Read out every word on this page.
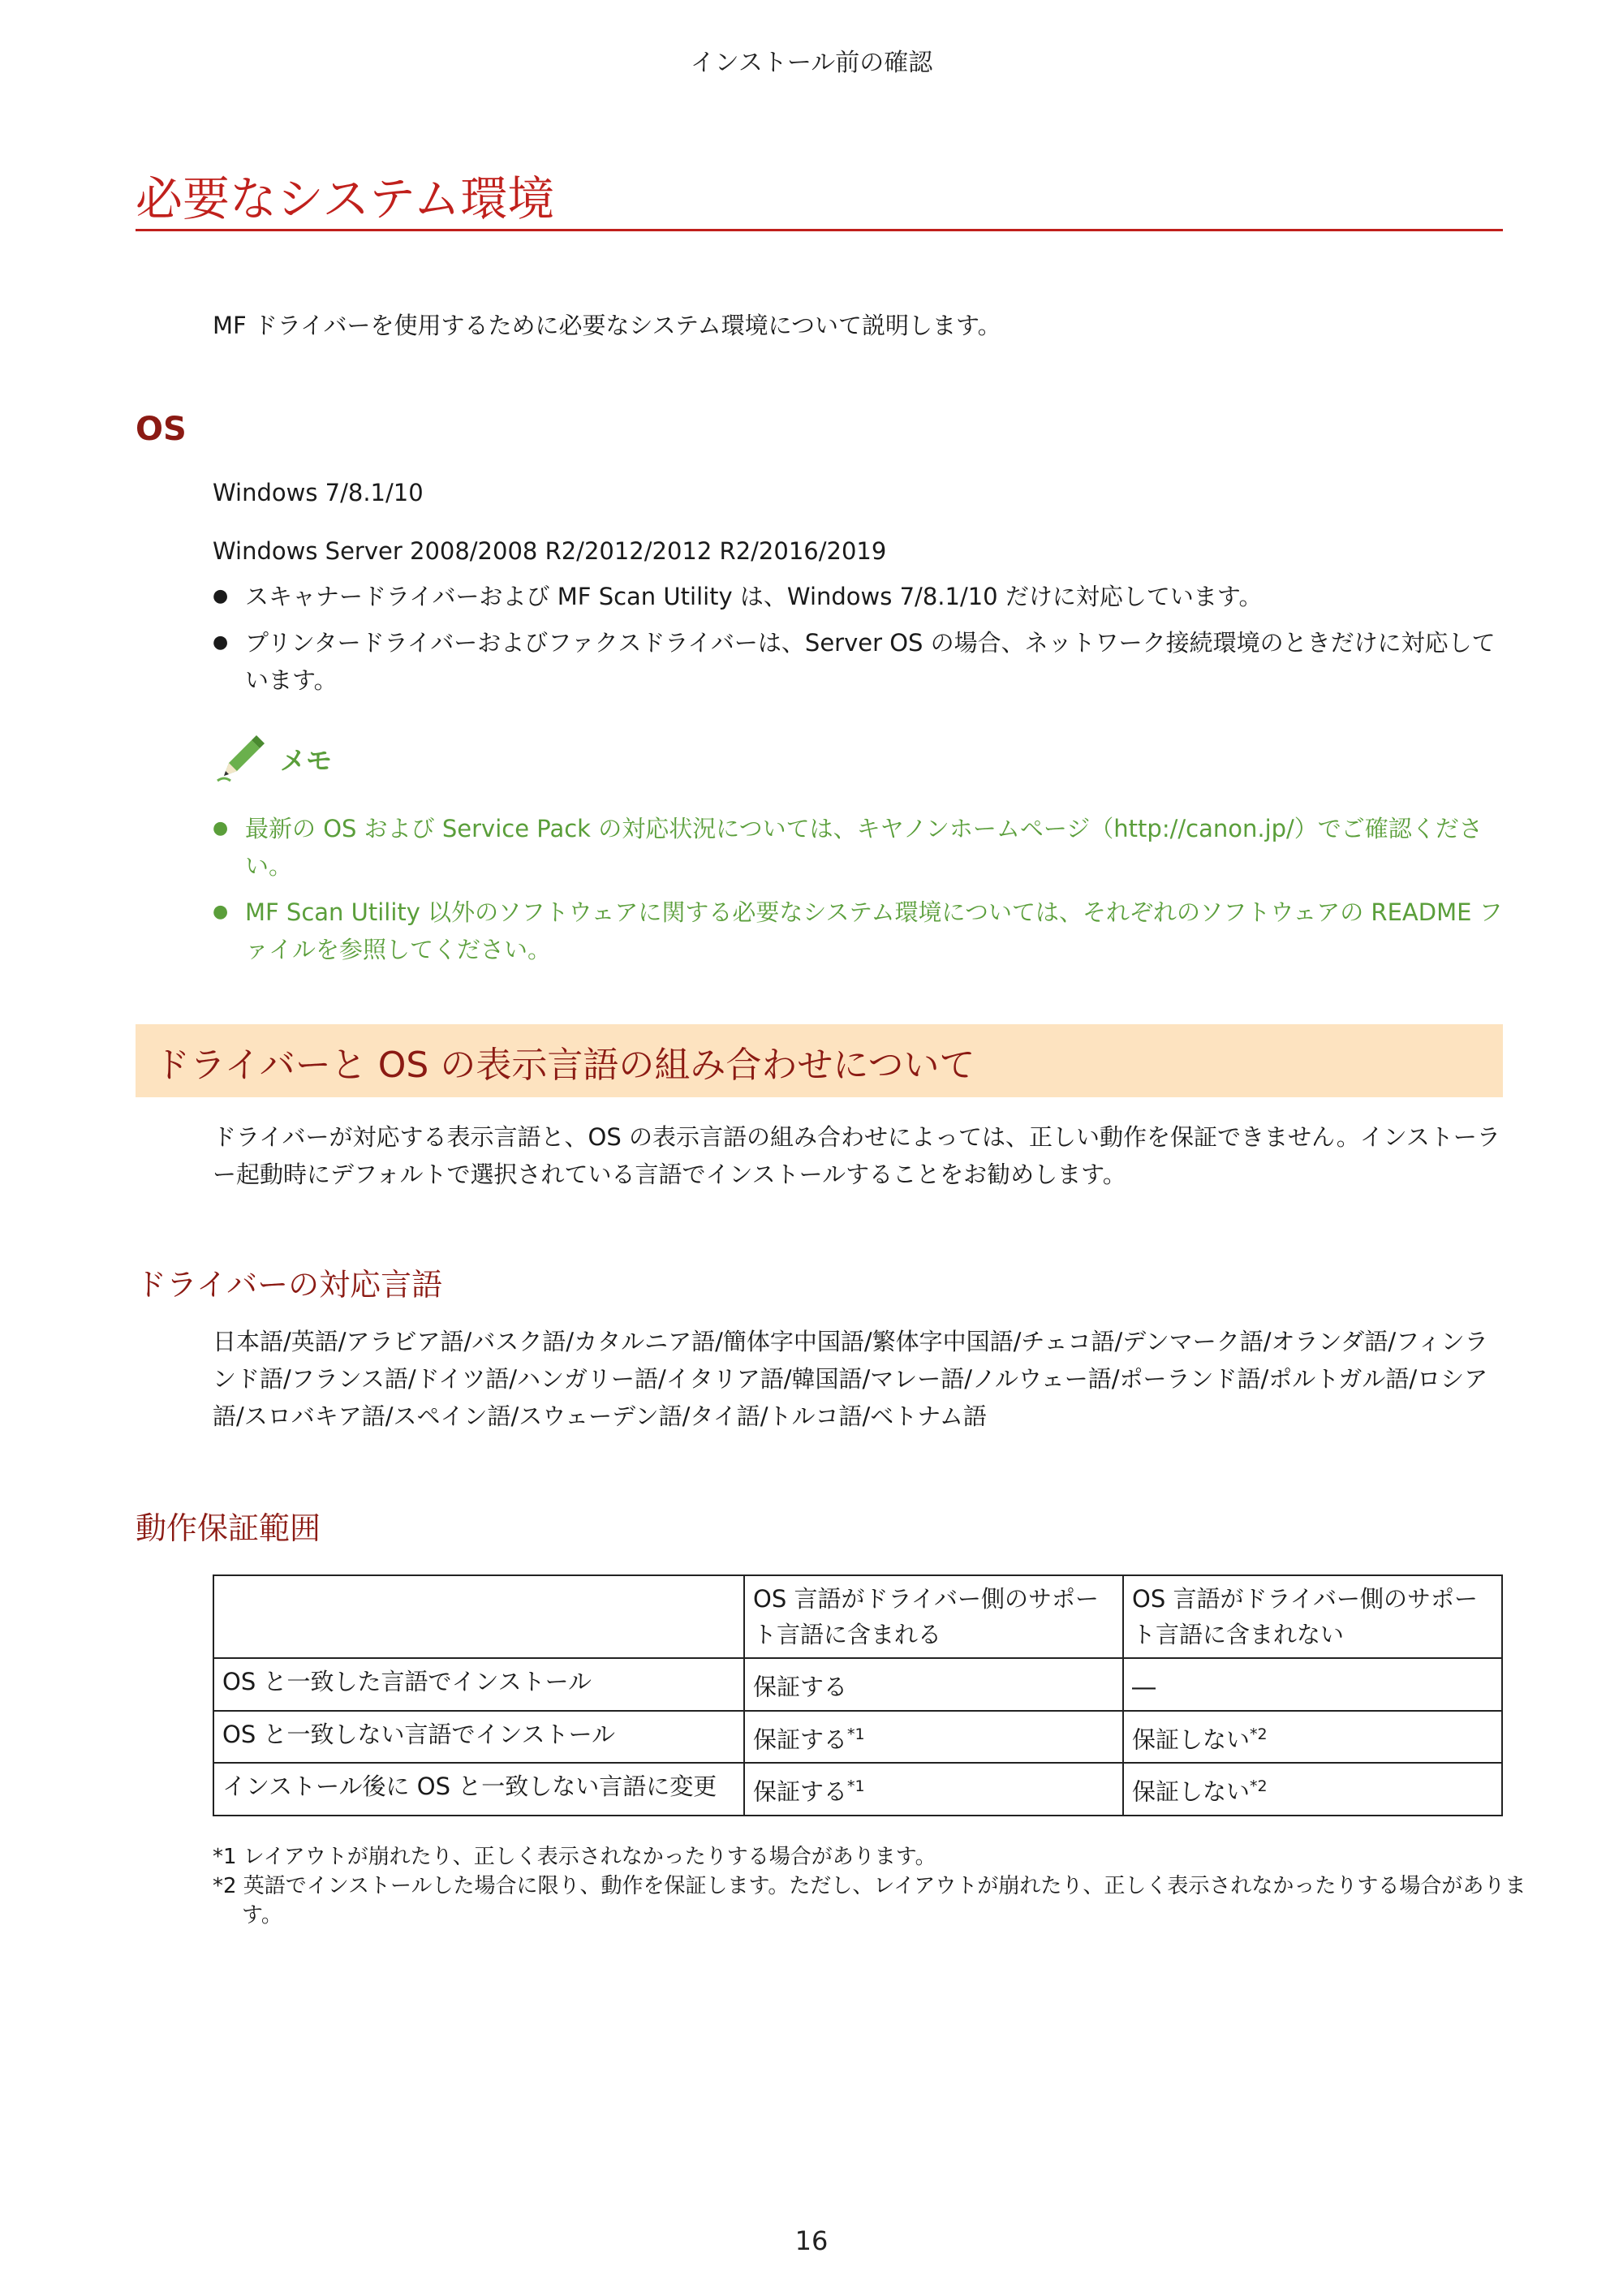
インストール前の確認
必要なシステム環境
MF ドライバーを使用するために必要なシステム環境について説明します。
OS
Windows 7/8.1/10
Windows Server 2008/2008 R2/2012/2012 R2/2016/2019
● スキャナードライバーおよび MF Scan Utility は、Windows 7/8.1/10 だけに対応しています。
● プリンタードライバーおよびファクスドライバーは、Server OS の場合、ネットワーク接続環境のときだけに対応しています。
メモ
● 最新の OS および Service Pack の対応状況については、キヤノンホームページ（http://canon.jp/）でご確認ください。
● MF Scan Utility 以外のソフトウェアに関する必要なシステム環境については、それぞれのソフトウェアの README ファイルを参照してください。
ドライバーと OS の表示言語の組み合わせについて
ドライバーが対応する表示言語と、OS の表示言語の組み合わせによっては、正しい動作を保証できません。インストーラー起動時にデフォルトで選択されている言語でインストールすることをお勧めします。
ドライバーの対応言語
日本語/英語/アラビア語/バスク語/カタルニア語/簡体字中国語/繁体字中国語/チェコ語/デンマーク語/オランダ語/フィンランド語/フランス語/ドイツ語/ハンガリー語/イタリア語/韓国語/マレー語/ノルウェー語/ポーランド語/ポルトガル語/ロシア語/スロバキア語/スペイン語/スウェーデン語/タイ語/トルコ語/ベトナム語
動作保証範囲
	OS 言語がドライバー側のサポート言語に含まれる	OS 言語がドライバー側のサポート言語に含まれない
OS と一致した言語でインストール	保証する	―
OS と一致しない言語でインストール	保証する$^{*1}$	保証しない$^{*2}$
インストール後に OS と一致しない言語に変更	保証する$^{*1}$	保証しない$^{*2}$
*1 レイアウトが崩れたり、正しく表示されなかったりする場合があります。
*2 英語でインストールした場合に限り、動作を保証します。ただし、レイアウトが崩れたり、正しく表示されなかったりする場合があります。
16
